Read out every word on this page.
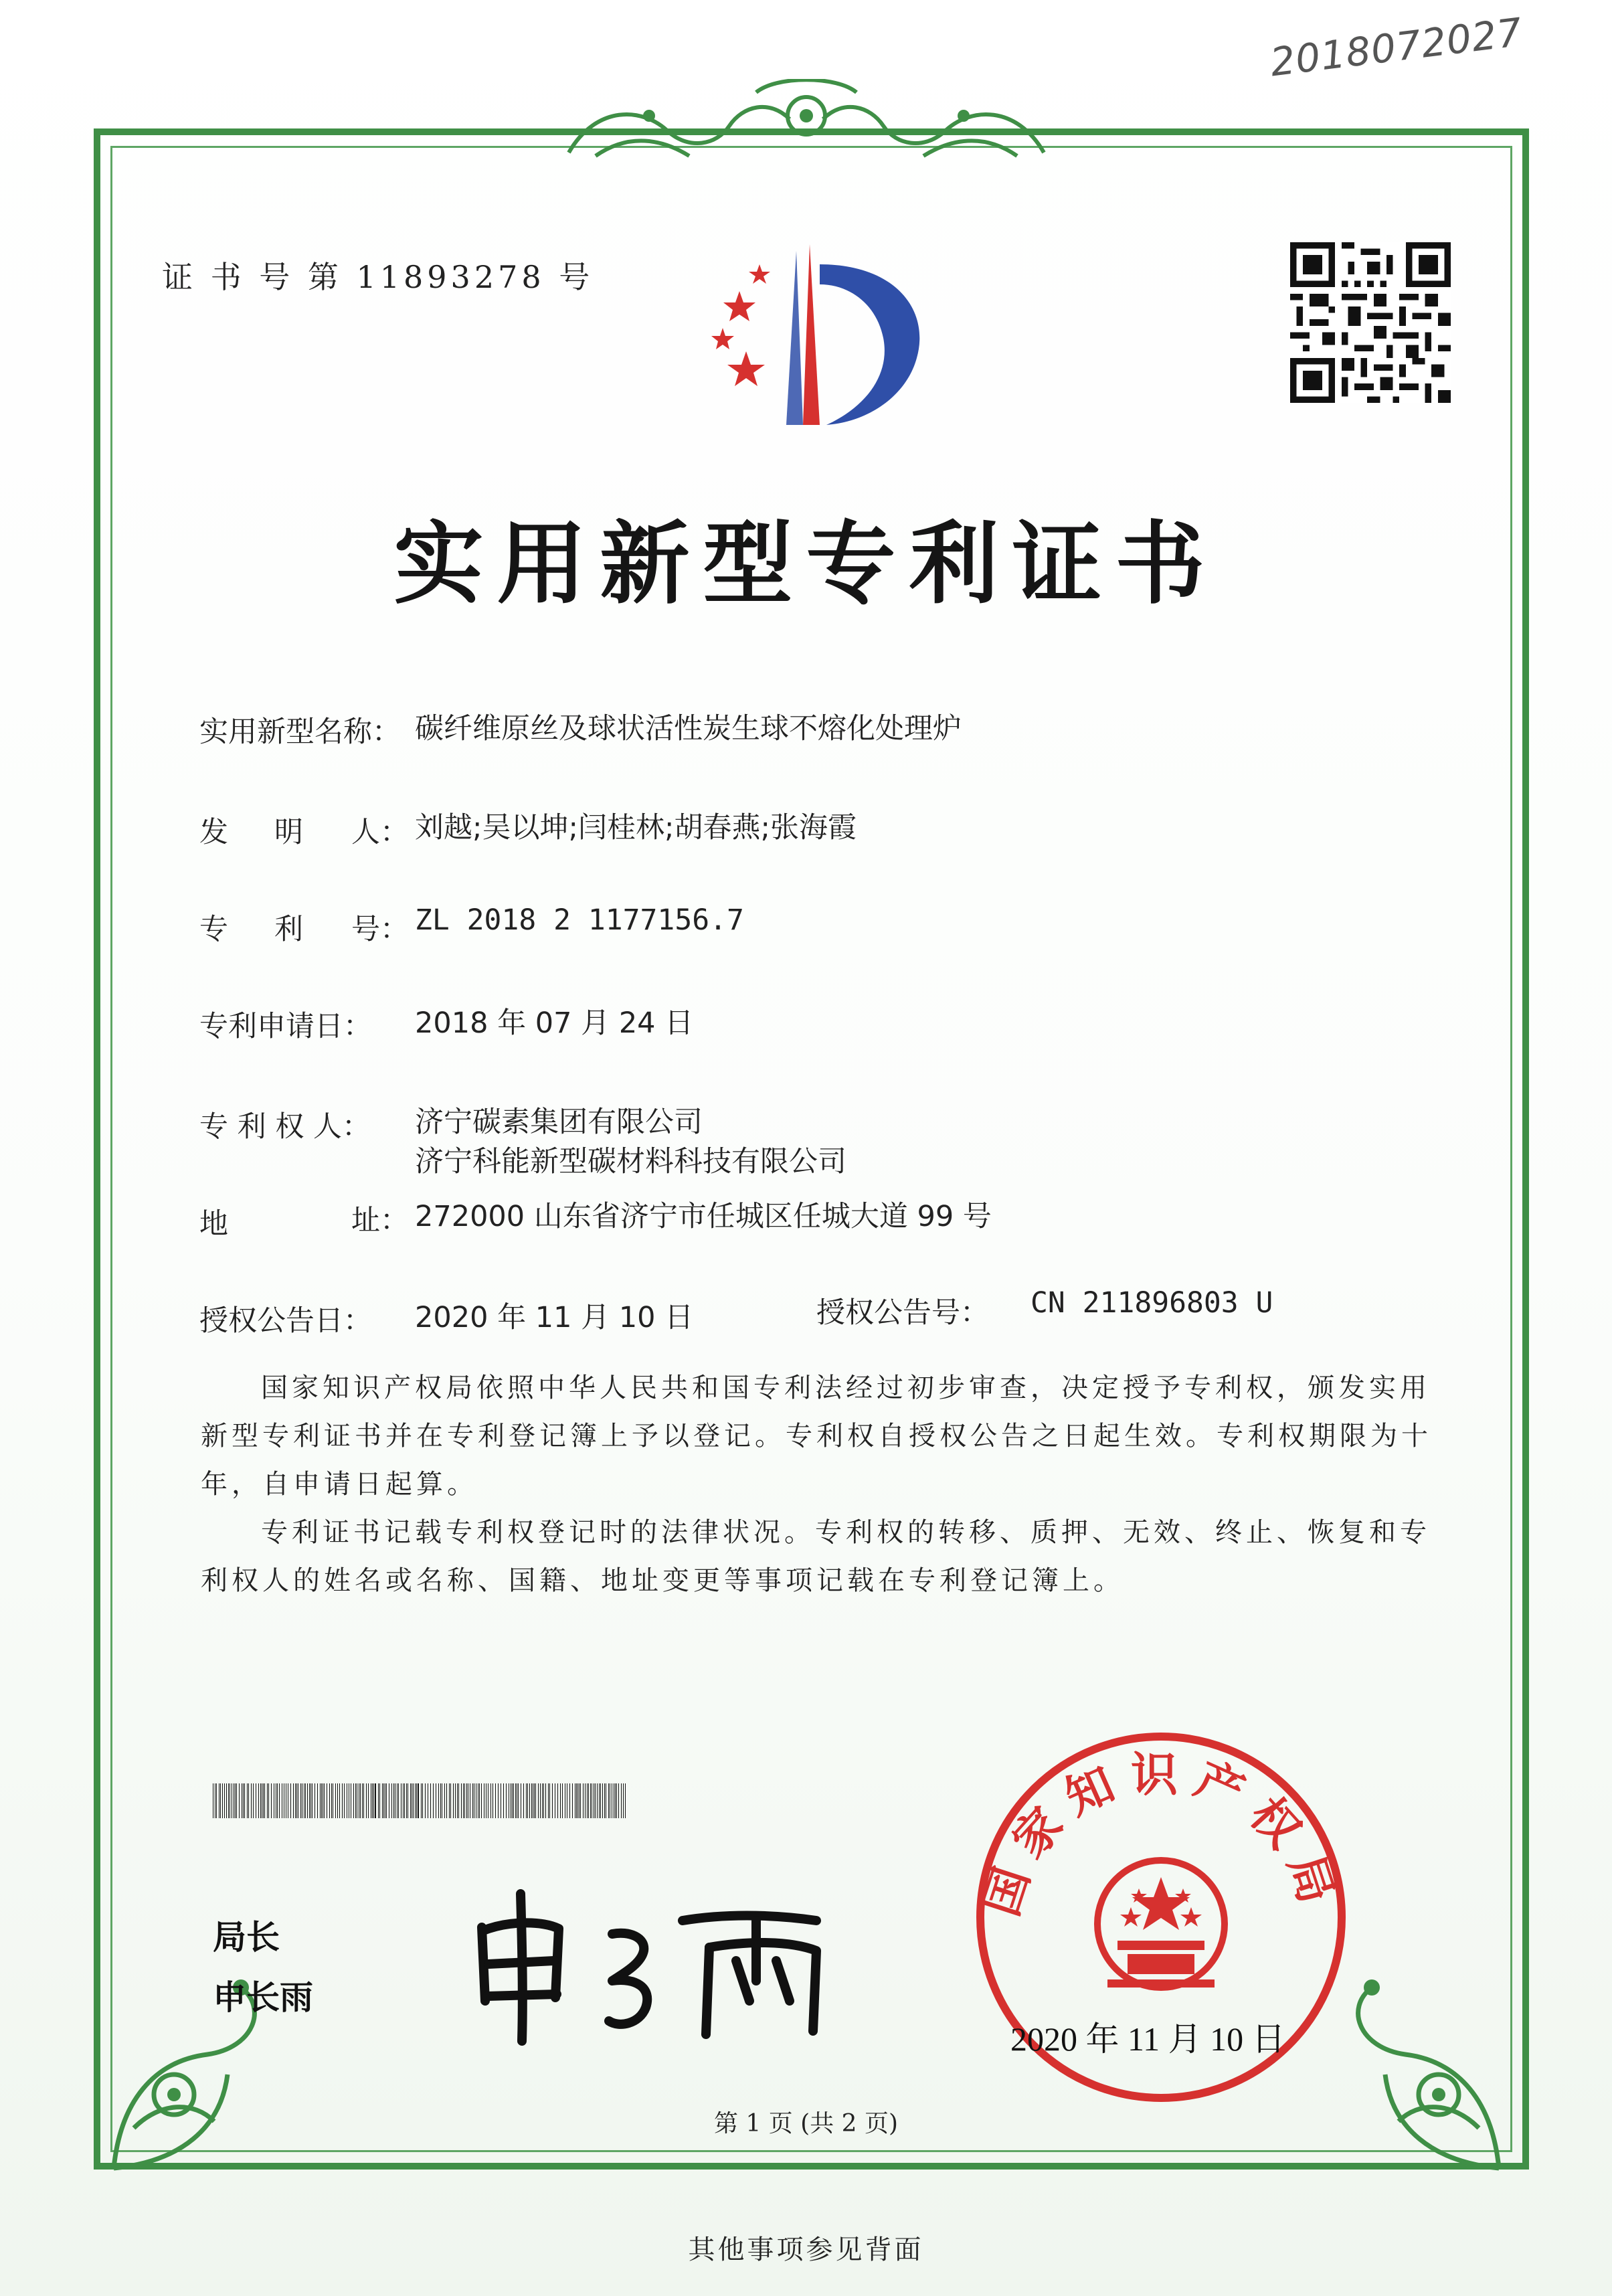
2018072027
证 书 号 第 11893278 号
实用新型专利证书
实用新型名称： 碳纤维原丝及球状活性炭生球不熔化处理炉
发 明 人： 刘越;吴以坤;闫桂林;胡春燕;张海霞
专 利 号： ZL 2018 2 1177156.7
专利申请日： 2018 年 07 月 24 日
专 利 权 人： 济宁碳素集团有限公司
济宁科能新型碳材料科技有限公司
地	址： 272000 山东省济宁市任城区任城大道 99 号
授权公告日： 2020 年 11 月 10 日	授权公告号： CN 211896803 U
国家知识产权局依照中华人民共和国专利法经过初步审查，决定授予专利权，颁发实用
新型专利证书并在专利登记簿上予以登记。专利权自授权公告之日起生效。专利权期限为十
年，自申请日起算。
专利证书记载专利权登记时的法律状况。专利权的转移、质押、无效、终止、恢复和专
利权人的姓名或名称、国籍、地址变更等事项记载在专利登记簿上。
局长
申长雨
国家知识产权局
2020 年 11 月 10 日
第 1 页 (共 2 页)
其他事项参见背面
